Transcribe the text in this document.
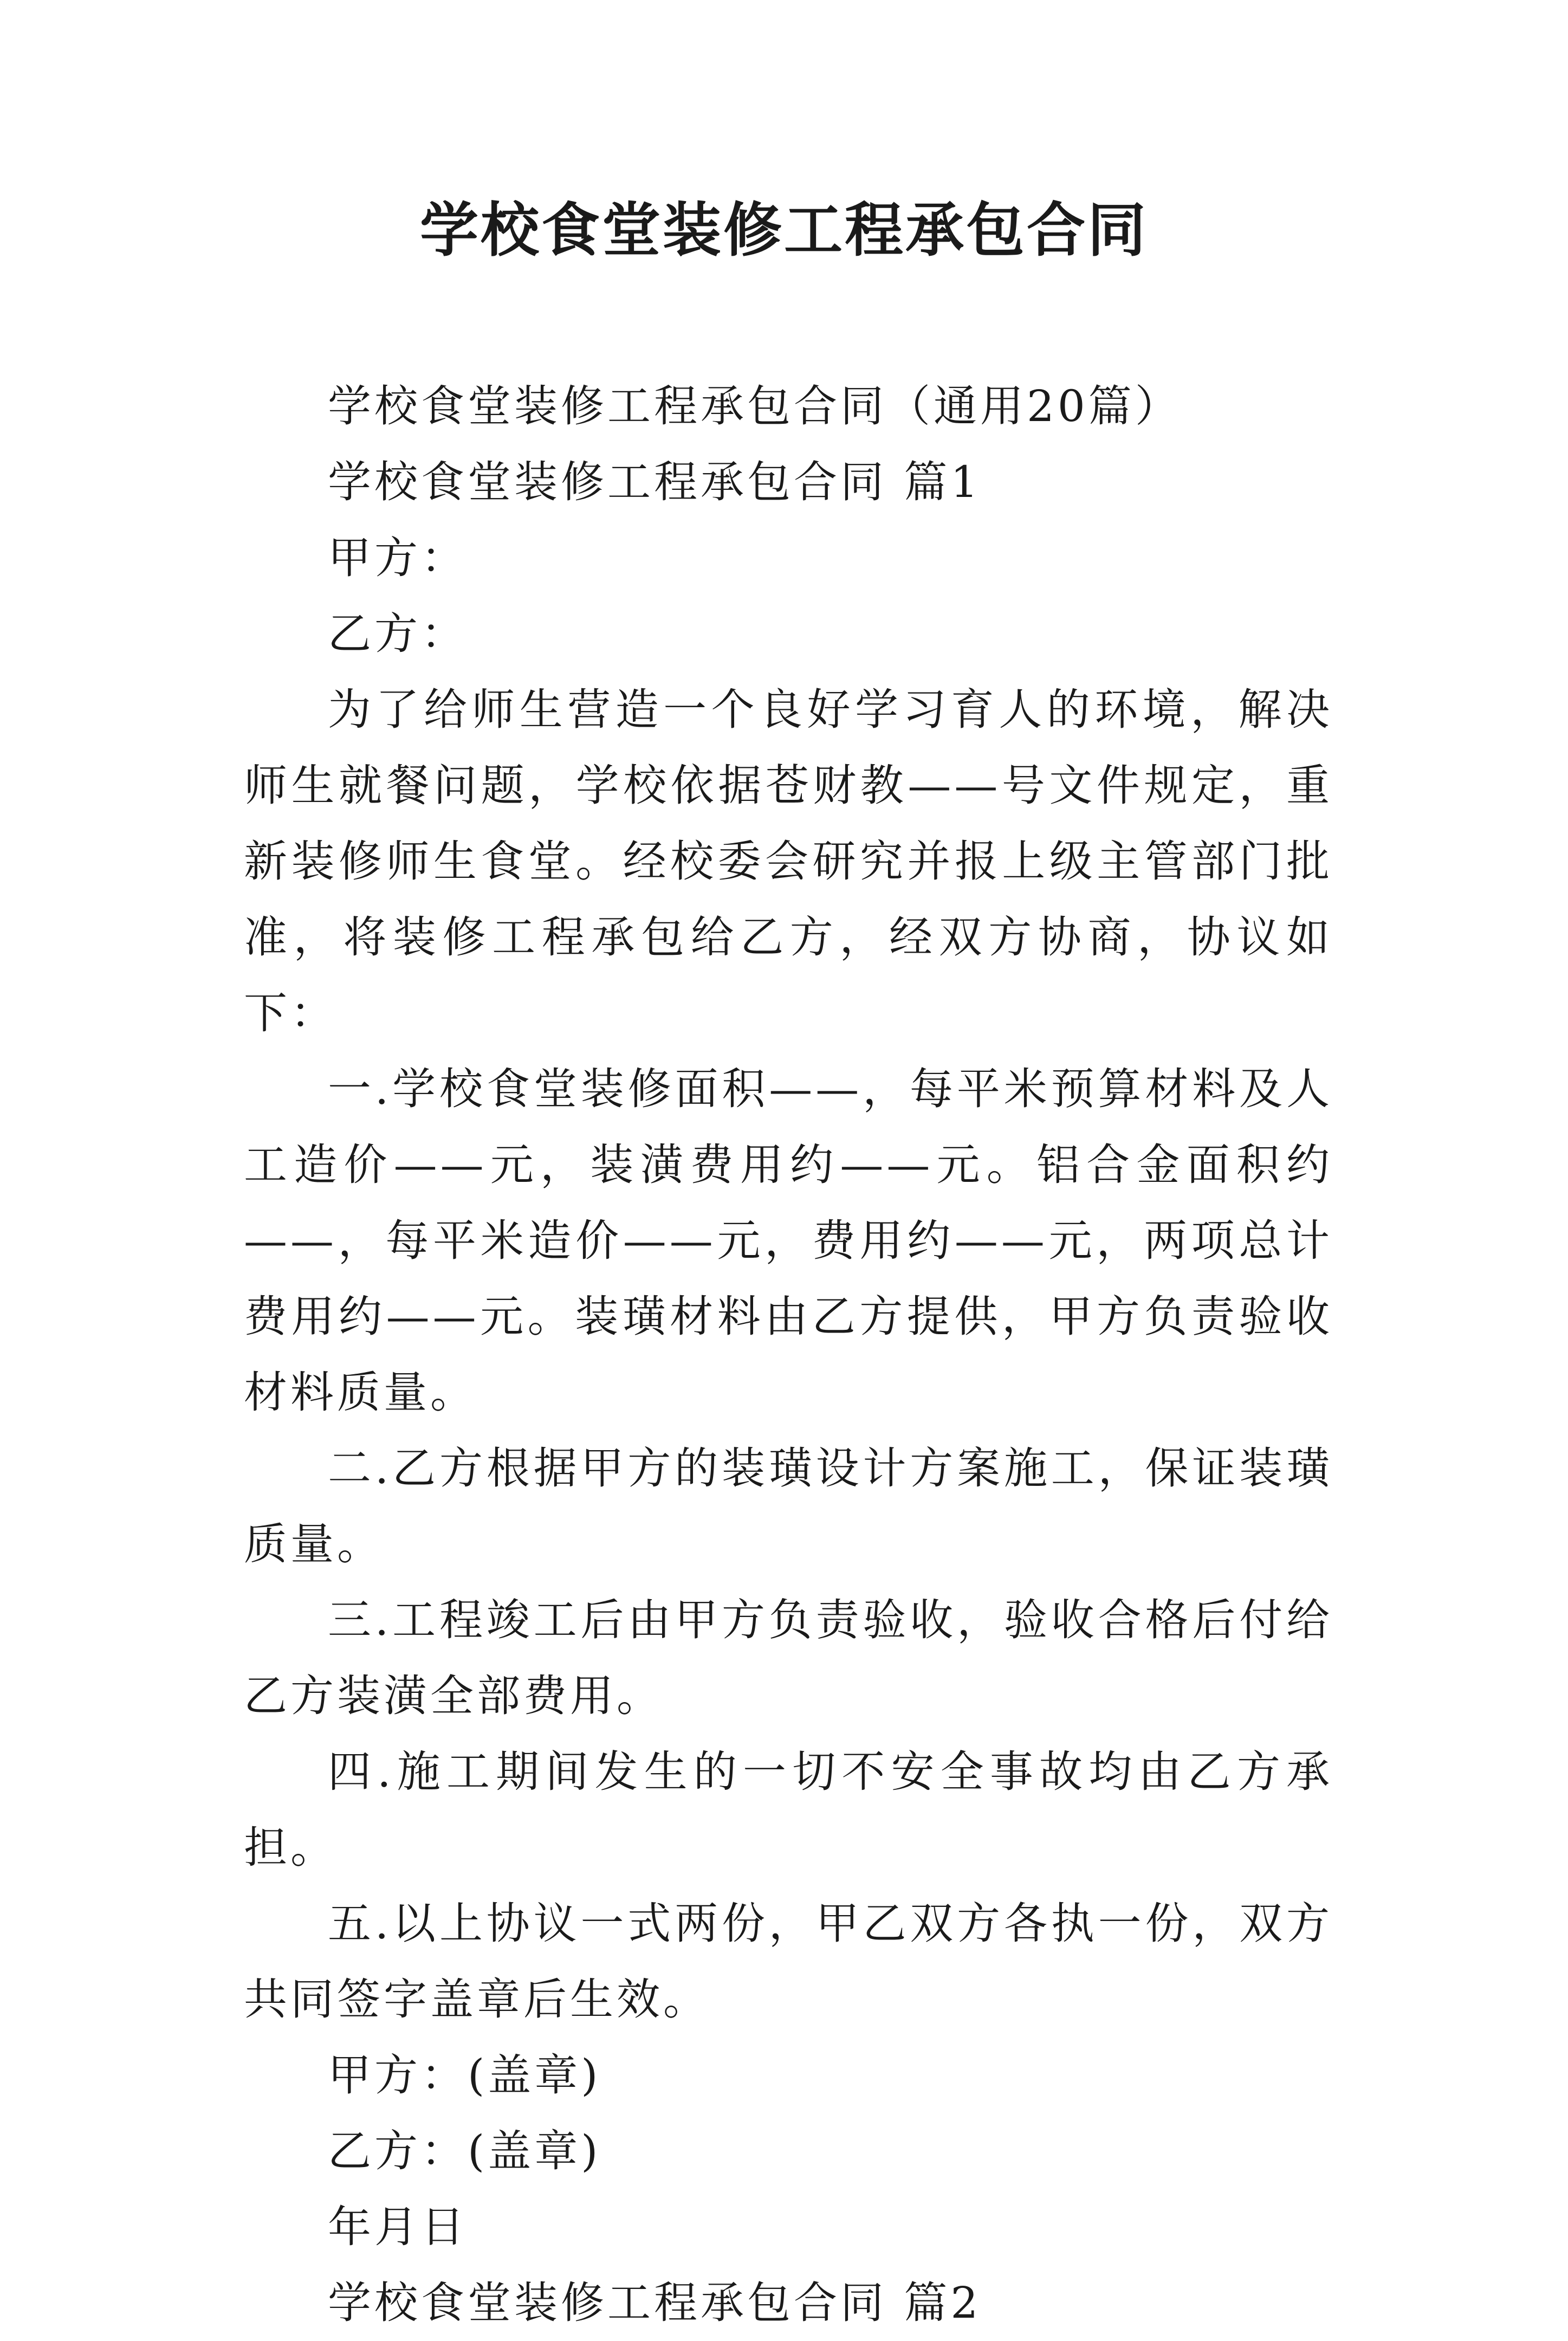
学校食堂装修工程承包合同

学校食堂装修工程承包合同（通用20篇）

学校食堂装修工程承包合同 篇1

甲方：

乙方：

为了给师生营造一个良好学习育人的环境，解决师生就餐问题，学校依据苍财教——号文件规定，重新装修师生食堂。经校委会研究并报上级主管部门批准，将装修工程承包给乙方，经双方协商，协议如下：

一.学校食堂装修面积——，每平米预算材料及人工造价——元，装潢费用约——元。铝合金面积约——，每平米造价——元，费用约——元，两项总计费用约——元。装璜材料由乙方提供，甲方负责验收材料质量。

二.乙方根据甲方的装璜设计方案施工，保证装璜质量。

三.工程竣工后由甲方负责验收，验收合格后付给乙方装潢全部费用。

四.施工期间发生的一切不安全事故均由乙方承担。

五.以上协议一式两份，甲乙双方各执一份，双方共同签字盖章后生效。

甲方：(盖章)

乙方：(盖章)

年月日

学校食堂装修工程承包合同 篇2
